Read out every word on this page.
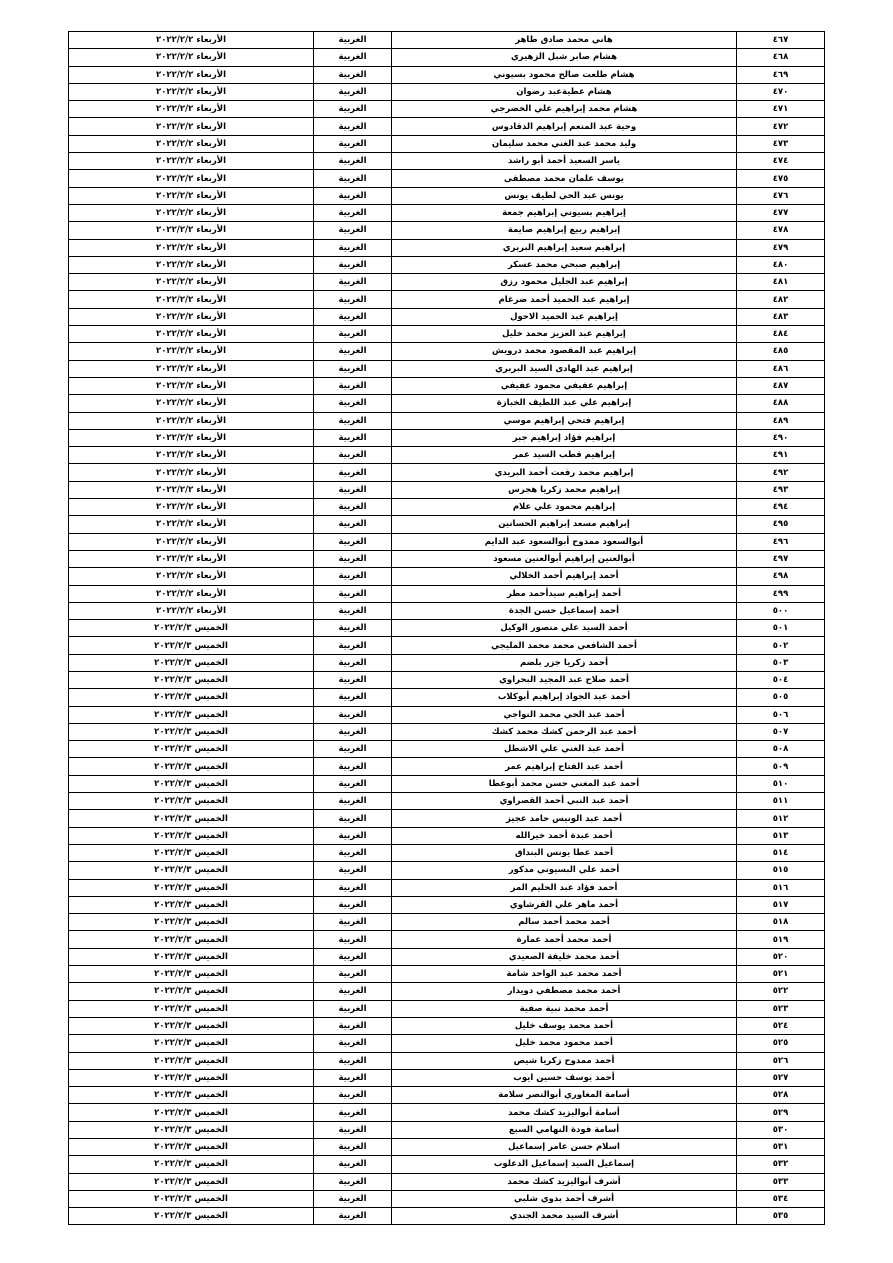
الأربعاء ٢٠٢٢/٢/٢	الغربية	هاني محمد صادق طاهر	٤٦٧
الأربعاء ٢٠٢٢/٢/٢	الغربية	هشام صابر شبل الزهيري	٤٦٨
الأربعاء ٢٠٢٢/٢/٢	الغربية	هشام طلعت صالح محمود بسيوني	٤٦٩
الأربعاء ٢٠٢٢/٢/٢	الغربية	هشام عطيةعبد رضوان	٤٧٠
الأربعاء ٢٠٢٢/٢/٢	الغربية	هشام محمد إبراهيم علي الخضرجي	٤٧١
الأربعاء ٢٠٢٢/٢/٢	الغربية	وحية عبد المنعم إبراهيم الدقادوس	٤٧٢
الأربعاء ٢٠٢٢/٢/٢	الغربية	وليد محمد عبد الغني محمد سليمان	٤٧٣
الأربعاء ٢٠٢٢/٢/٢	الغربية	ياسر السعيد أحمد أبو راشد	٤٧٤
الأربعاء ٢٠٢٢/٢/٢	الغربية	يوسف علمان محمد مصطفى	٤٧٥
الأربعاء ٢٠٢٢/٢/٢	الغربية	يونس عبد الحي لطيف يونس	٤٧٦
الأربعاء ٢٠٢٢/٢/٢	الغربية	إبراهيم بسيوني إبراهيم جمعة	٤٧٧
الأربعاء ٢٠٢٢/٢/٢	الغربية	إبراهيم ربيع إبراهيم صايمة	٤٧٨
الأربعاء ٢٠٢٢/٢/٢	الغربية	إبراهيم سعيد إبراهيم البربري	٤٧٩
الأربعاء ٢٠٢٢/٢/٢	الغربية	إبراهيم صبحي محمد عسكر	٤٨٠
الأربعاء ٢٠٢٢/٢/٢	الغربية	إبراهيم عبد الجليل محمود رزق	٤٨١
الأربعاء ٢٠٢٢/٢/٢	الغربية	إبراهيم عبد الحميد أحمد ضرغام	٤٨٢
الأربعاء ٢٠٢٢/٢/٢	الغربية	إبراهيم عبد الحميد الاحول	٤٨٣
الأربعاء ٢٠٢٢/٢/٢	الغربية	إبراهيم عبد العزيز محمد خليل	٤٨٤
الأربعاء ٢٠٢٢/٢/٢	الغربية	إبراهيم عبد المقصود محمد درويش	٤٨٥
الأربعاء ٢٠٢٢/٢/٢	الغربية	إبراهيم عبد الهادى السيد البربري	٤٨٦
الأربعاء ٢٠٢٢/٢/٢	الغربية	إبراهيم عفيفي محمود عفيفي	٤٨٧
الأربعاء ٢٠٢٢/٢/٢	الغربية	إبراهيم علي عبد اللطيف الخبازة	٤٨٨
الأربعاء ٢٠٢٢/٢/٢	الغربية	إبراهيم فتحي إبراهيم موسي	٤٨٩
الأربعاء ٢٠٢٢/٢/٢	الغربية	إبراهيم فؤاد إبراهيم جبر	٤٩٠
الأربعاء ٢٠٢٢/٢/٢	الغربية	إبراهيم قطب السيد عمر	٤٩١
الأربعاء ٢٠٢٢/٢/٢	الغربية	إبراهيم محمد رفعت أحمد البريدي	٤٩٢
الأربعاء ٢٠٢٢/٢/٢	الغربية	إبراهيم محمد زكريا هجرس	٤٩٣
الأربعاء ٢٠٢٢/٢/٢	الغربية	إبراهيم محمود علي علام	٤٩٤
الأربعاء ٢٠٢٢/٢/٢	الغربية	إبراهيم مسعد إبراهيم الحسانين	٤٩٥
الأربعاء ٢٠٢٢/٢/٢	الغربية	أبوالسعود ممدوح أبوالسعود عبد الدايم	٤٩٦
الأربعاء ٢٠٢٢/٢/٢	الغربية	أبوالعنين إبراهيم أبوالعنين مسعود	٤٩٧
الأربعاء ٢٠٢٢/٢/٢	الغربية	أحمد إبراهيم أحمد الخلالي	٤٩٨
الأربعاء ٢٠٢٢/٢/٢	الغربية	أحمد إبراهيم سيدأحمد مطر	٤٩٩
الأربعاء ٢٠٢٢/٢/٢	الغربية	أحمد إسماعيل حسن الجدة	٥٠٠
الخميس ٢٠٢٢/٢/٣	الغربية	أحمد السيد علي منصور الوكيل	٥٠١
الخميس ٢٠٢٢/٢/٣	الغربية	أحمد الشافعي محمد محمد المليجي	٥٠٢
الخميس ٢٠٢٢/٢/٣	الغربية	أحمد زكريا جزر بلضم	٥٠٣
الخميس ٢٠٢٢/٢/٣	الغربية	أحمد صلاح عبد المجيد البحراوي	٥٠٤
الخميس ٢٠٢٢/٢/٣	الغربية	أحمد عبد الجواد إبراهيم أبوكلاب	٥٠٥
الخميس ٢٠٢٢/٢/٣	الغربية	أحمد عبد الحي محمد النواجي	٥٠٦
الخميس ٢٠٢٢/٢/٣	الغربية	أحمد عبد الرحمن كشك محمد كشك	٥٠٧
الخميس ٢٠٢٢/٢/٣	الغربية	أحمد عبد الغني علي الاشطل	٥٠٨
الخميس ٢٠٢٢/٢/٣	الغربية	أحمد عبد الفتاح إبراهيم عمر	٥٠٩
الخميس ٢٠٢٢/٢/٣	الغربية	أحمد عبد المغني حسن محمد أبوعطا	٥١٠
الخميس ٢٠٢٢/٢/٣	الغربية	أحمد عبد النبي أحمد القصراوي	٥١١
الخميس ٢٠٢٢/٢/٣	الغربية	أحمد عبد الونيس حامد عجيز	٥١٢
الخميس ٢٠٢٢/٢/٣	الغربية	أحمد عبدة أحمد خيرالله	٥١٣
الخميس ٢٠٢٢/٢/٣	الغربية	أحمد عطا يونس البنداق	٥١٤
الخميس ٢٠٢٢/٢/٣	الغربية	أحمد علي البسيوني مدكور	٥١٥
الخميس ٢٠٢٢/٢/٣	الغربية	أحمد فؤاد عبد الحليم المر	٥١٦
الخميس ٢٠٢٢/٢/٣	الغربية	أحمد ماهر علي القرشاوي	٥١٧
الخميس ٢٠٢٢/٢/٣	الغربية	أحمد محمد أحمد سالم	٥١٨
الخميس ٢٠٢٢/٢/٣	الغربية	أحمد محمد أحمد عمارة	٥١٩
الخميس ٢٠٢٢/٢/٣	الغربية	أحمد محمد خليفة الصعيدي	٥٢٠
الخميس ٢٠٢٢/٢/٣	الغربية	أحمد محمد عبد الواحد شامة	٥٢١
الخميس ٢٠٢٢/٢/٣	الغربية	أحمد محمد مصطفي دويدار	٥٢٢
الخميس ٢٠٢٢/٢/٣	الغربية	أحمد محمد نبية صفية	٥٢٣
الخميس ٢٠٢٢/٢/٣	الغربية	أحمد محمد يوسف خليل	٥٢٤
الخميس ٢٠٢٢/٢/٣	الغربية	أحمد محمود محمد خليل	٥٢٥
الخميس ٢٠٢٢/٢/٣	الغربية	أحمد ممدوح زكريا شيص	٥٢٦
الخميس ٢٠٢٢/٢/٣	الغربية	أحمد يوسف حسين ايوب	٥٢٧
الخميس ٢٠٢٢/٢/٣	الغربية	أسامة المغاوري أبوالنصر سلامة	٥٢٨
الخميس ٢٠٢٢/٢/٣	الغربية	أسامة أبواليزيد كشك محمد	٥٢٩
الخميس ٢٠٢٢/٢/٣	الغربية	أسامة فودة النهامي السبع	٥٣٠
الخميس ٢٠٢٢/٢/٣	الغربية	اسلام حسن عامر إسماعيل	٥٣١
الخميس ٢٠٢٢/٢/٣	الغربية	إسماعيل السيد إسماعيل الدعلوب	٥٣٢
الخميس ٢٠٢٢/٢/٣	الغربية	أشرف أبواليزيد كشك محمد	٥٣٣
الخميس ٢٠٢٢/٢/٣	الغربية	أشرف أحمد بدوي شلبي	٥٣٤
الخميس ٢٠٢٢/٢/٣	الغربية	أشرف السيد محمد الجندي	٥٣٥
